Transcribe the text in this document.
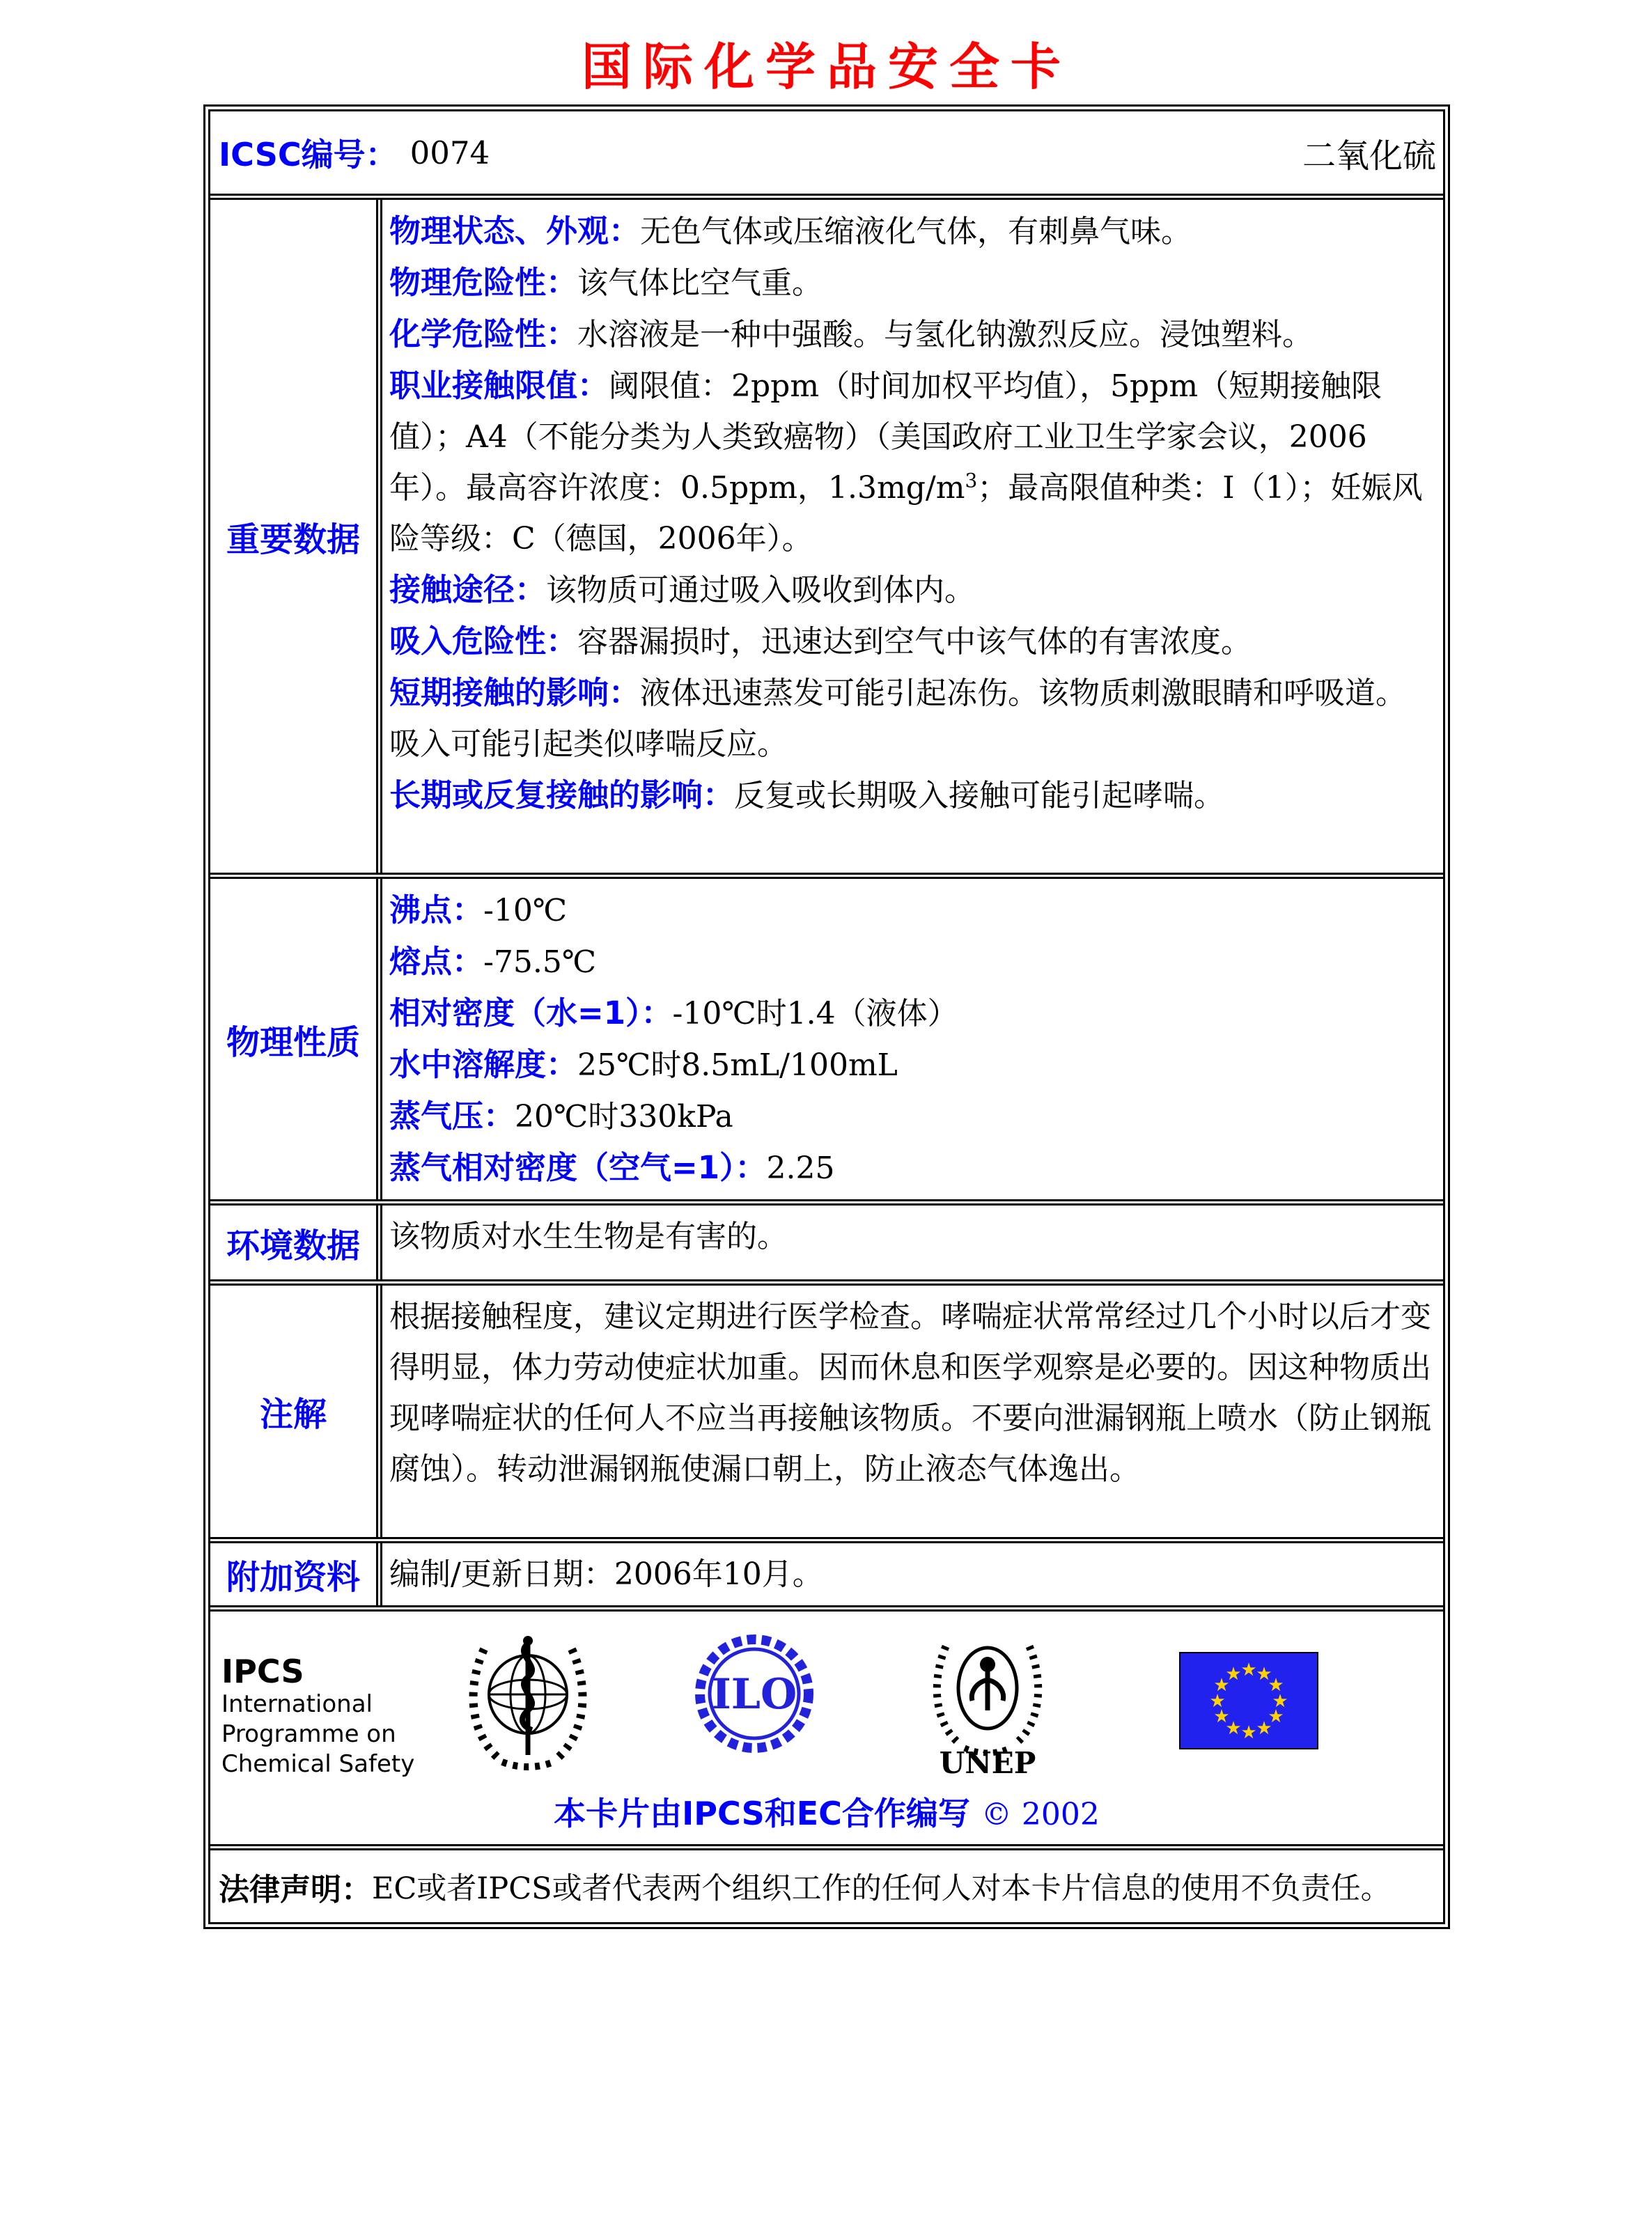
国际化学品安全卡
ICSC编号： 0074	二氧化硫
重要数据

物理状态、外观：无色气体或压缩液化气体，有刺鼻气味。

物理危险性：该气体比空气重。

化学危险性：水溶液是一种中强酸。与氢化钠激烈反应。浸蚀塑料。

职业接触限值：阈限值：2ppm（时间加权平均值），5ppm（短期接触限值）；A4（不能分类为人类致癌物）（美国政府工业卫生学家会议，2006年）。最高容许浓度：0.5ppm，$1.3mg/m^3$；最高限值种类：I（1）；妊娠风险等级：C（德国，2006年）。

接触途径：该物质可通过吸入吸收到体内。

吸入危险性：容器漏损时，迅速达到空气中该气体的有害浓度。

短期接触的影响：液体迅速蒸发可能引起冻伤。该物质刺激眼睛和呼吸道。吸入可能引起类似哮喘反应。

长期或反复接触的影响：反复或长期吸入接触可能引起哮喘。

物理性质

沸点：-10℃

熔点：-75.5℃

相对密度（水=1）：-10℃时1.4（液体）

水中溶解度：25℃时8.5mL/100mL

蒸气压：20℃时330kPa

蒸气相对密度（空气=1）：2.25

环境数据 该物质对水生生物是有害的。

注解

根据接触程度，建议定期进行医学检查。哮喘症状常常经过几个小时以后才变得明显，体力劳动使症状加重。因而休息和医学观察是必要的。因这种物质出现哮喘症状的任何人不应当再接触该物质。不要向泄漏钢瓶上喷水（防止钢瓶腐蚀）。转动泄漏钢瓶使漏口朝上，防止液态气体逸出。

附加资料 编制/更新日期：2006年10月。

IPCS
International
Programme on
Chemical Safety
ILO
UNEP
★
★
★
★
★
★
★
★
★
★
★
★
本卡片由IPCS和EC合作编写 © 2002
法律声明： EC或者IPCS或者代表两个组织工作的任何人对本卡片信息的使用不负责任。
